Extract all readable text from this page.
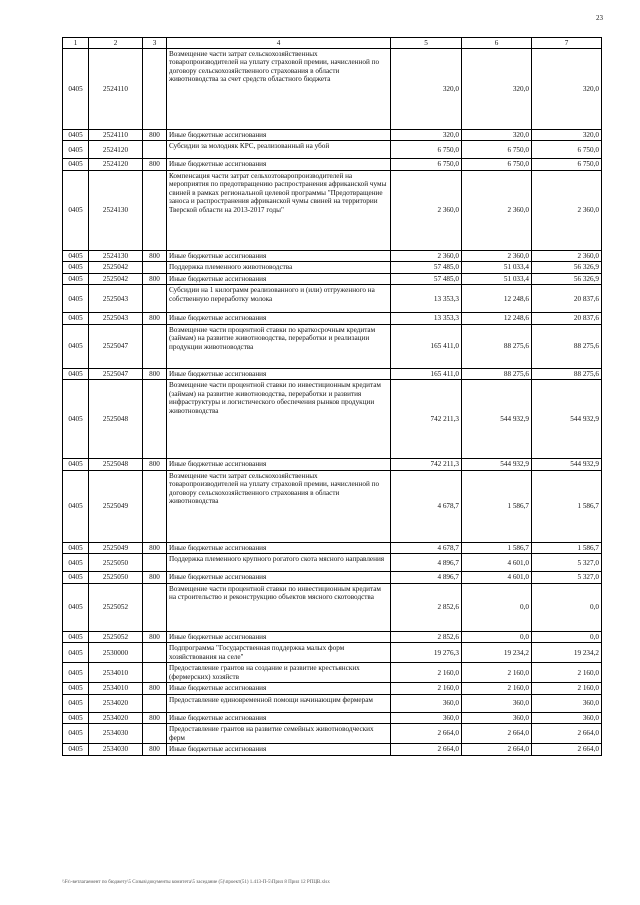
23
1	2	3	4	5	6	7
0405	2524110		Возмещение части затрат сельскохозяйственных товаропроизводителей на уплату страховой премии, начисленной по договору сельскохозяйственного страхования в области животноводства за счет средств областного бюджета	320,0	320,0	320,0
0405	2524110	800	Иные бюджетные ассигнования	320,0	320,0	320,0
0405	2524120		Субсидии за молодняк КРС, реализованный на убой	6 750,0	6 750,0	6 750,0
0405	2524120	800	Иные бюджетные ассигнования	6 750,0	6 750,0	6 750,0
0405	2524130		Компенсация части затрат сельхозтоваропроизводителей на мероприятия по предотвращению распространения африканской чумы свиней в рамках региональной целевой программы "Предотвращение заноса и распространения африканской чумы свиней на территории Тверской области на 2013-2017 годы"	2 360,0	2 360,0	2 360,0
0405	2524130	800	Иные бюджетные ассигнования	2 360,0	2 360,0	2 360,0
0405	2525042		Поддержка племенного животноводства	57 485,0	51 033,4	56 326,9
0405	2525042	800	Иные бюджетные ассигнования	57 485,0	51 033,4	56 326,9
0405	2525043		Субсидии на 1 килограмм реализованного и (или) отгруженного на собственную переработку молока	13 353,3	12 248,6	20 837,6
0405	2525043	800	Иные бюджетные ассигнования	13 353,3	12 248,6	20 837,6
0405	2525047		Возмещение части процентной ставки по краткосрочным кредитам (займам) на развитие животноводства, переработки и реализации продукции животноводства	165 411,0	88 275,6	88 275,6
0405	2525047	800	Иные бюджетные ассигнования	165 411,0	88 275,6	88 275,6
0405	2525048		Возмещение части процентной ставки по инвестиционным кредитам (займам) на развитие животноводства, переработки и развития инфраструктуры и логистического обеспечения рынков продукции животноводства	742 211,3	544 932,9	544 932,9
0405	2525048	800	Иные бюджетные ассигнования	742 211,3	544 932,9	544 932,9
0405	2525049		Возмещение части затрат сельскохозяйственных товаропроизводителей на уплату страховой премии, начисленной по договору сельскохозяйственного страхования в области животноводства	4 678,7	1 586,7	1 586,7
0405	2525049	800	Иные бюджетные ассигнования	4 678,7	1 586,7	1 586,7
0405	2525050		Поддержка племенного крупного рогатого скота мясного направления	4 896,7	4 601,0	5 327,0
0405	2525050	800	Иные бюджетные ассигнования	4 896,7	4 601,0	5 327,0
0405	2525052		Возмещение части процентной ставки по инвестиционным кредитам на строительство и реконструкцию объектов мясного скотоводства	2 852,6	0,0	0,0
0405	2525052	800	Иные бюджетные ассигнования	2 852,6	0,0	0,0
0405	2530000		Подпрограмма "Государственная поддержка малых форм хозяйствования на селе"	19 276,3	19 234,2	19 234,2
0405	2534010		Предоставление грантов на создание и развитие крестьянских (фермерских) хозяйств	2 160,0	2 160,0	2 160,0
0405	2534010	800	Иные бюджетные ассигнования	2 160,0	2 160,0	2 160,0
0405	2534020		Предоставление единовременной помощи начинающим фермерам	360,0	360,0	360,0
0405	2534020	800	Иные бюджетные ассигнования	360,0	360,0	360,0
0405	2534030		Предоставление грантов на развитие семейных животноводческих ферм	2 664,0	2 664,0	2 664,0
0405	2534030	800	Иные бюджетные ассигнования	2 664,0	2 664,0	2 664,0
\\Fs\-ветлагаемент по бюджету\5 Созыв\документы комитета\5 заседание (5)\проект(51) 1.413-П-5\Прил 8 Прил 12 РПЦВ.xlsx
